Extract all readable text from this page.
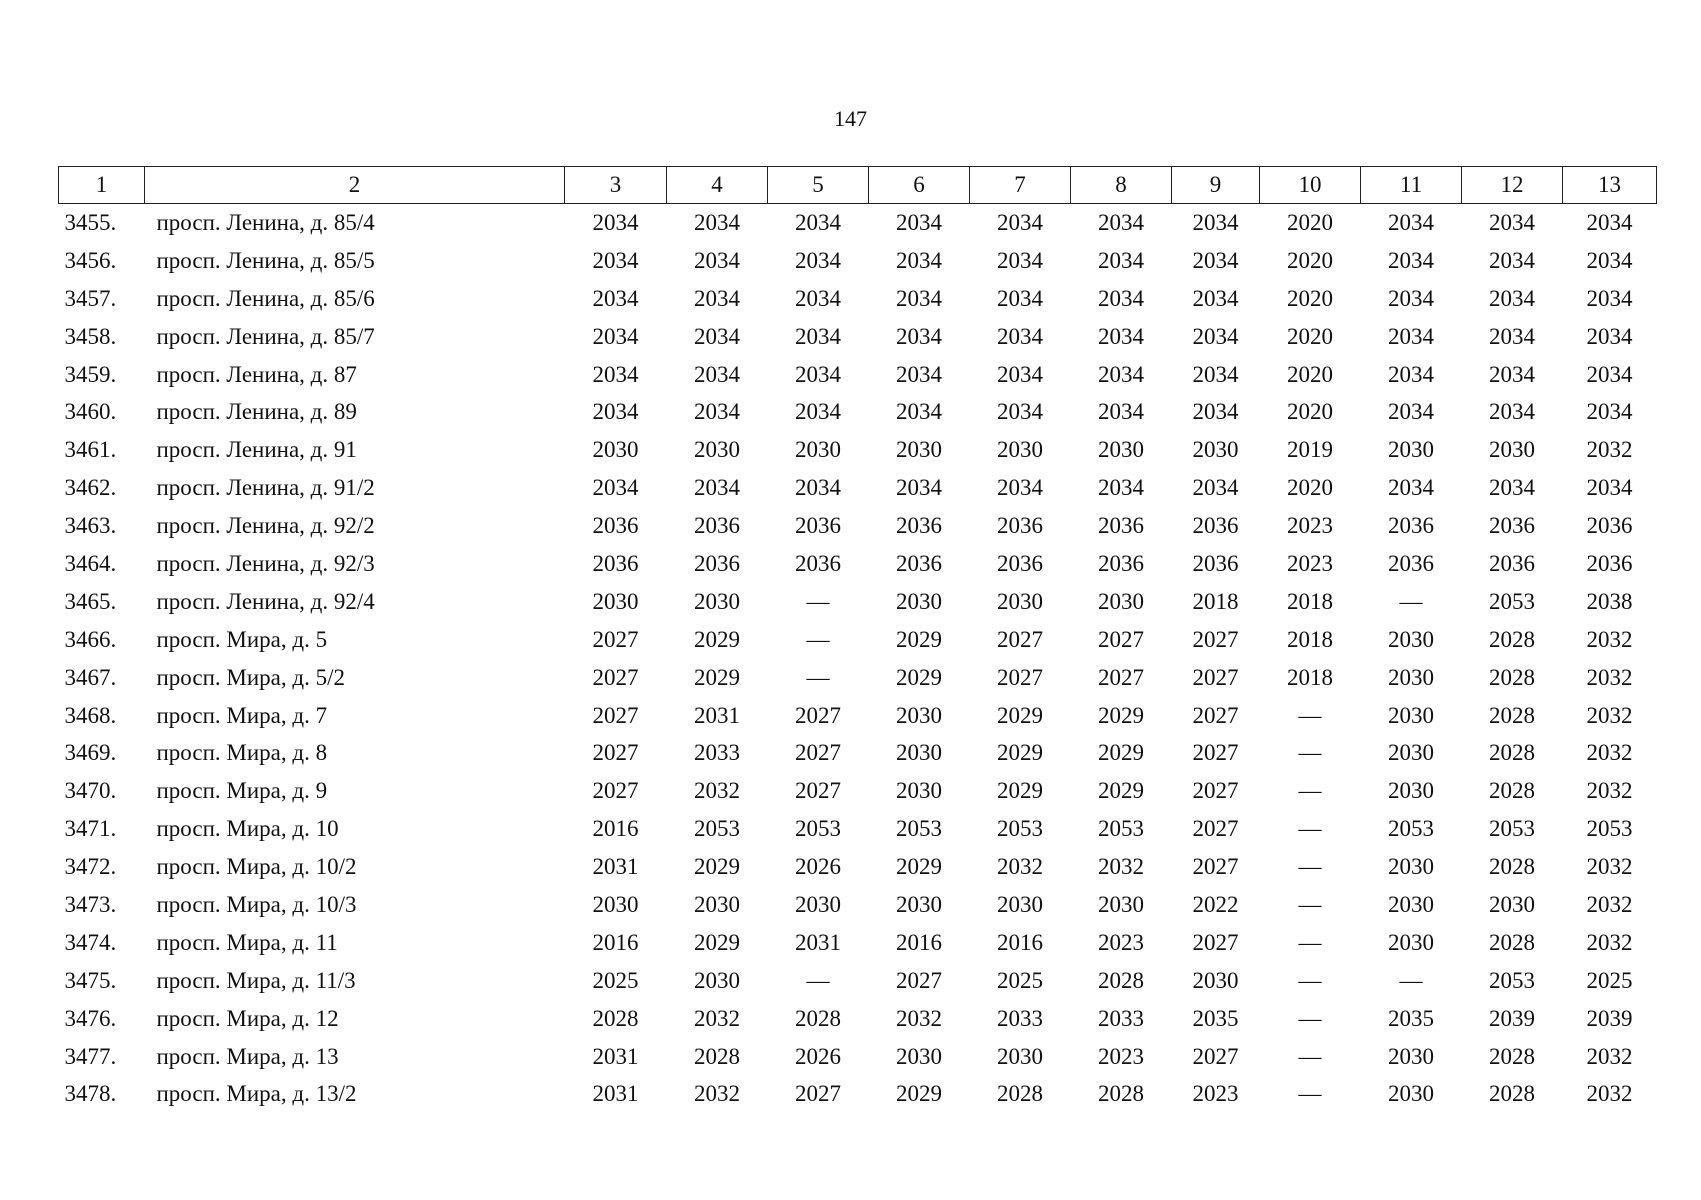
147
1	2	3	4	5	6	7	8	9	10	11	12	13
3455.	просп. Ленина, д. 85/4	2034	2034	2034	2034	2034	2034	2034	2020	2034	2034	2034
3456.	просп. Ленина, д. 85/5	2034	2034	2034	2034	2034	2034	2034	2020	2034	2034	2034
3457.	просп. Ленина, д. 85/6	2034	2034	2034	2034	2034	2034	2034	2020	2034	2034	2034
3458.	просп. Ленина, д. 85/7	2034	2034	2034	2034	2034	2034	2034	2020	2034	2034	2034
3459.	просп. Ленина, д. 87	2034	2034	2034	2034	2034	2034	2034	2020	2034	2034	2034
3460.	просп. Ленина, д. 89	2034	2034	2034	2034	2034	2034	2034	2020	2034	2034	2034
3461.	просп. Ленина, д. 91	2030	2030	2030	2030	2030	2030	2030	2019	2030	2030	2032
3462.	просп. Ленина, д. 91/2	2034	2034	2034	2034	2034	2034	2034	2020	2034	2034	2034
3463.	просп. Ленина, д. 92/2	2036	2036	2036	2036	2036	2036	2036	2023	2036	2036	2036
3464.	просп. Ленина, д. 92/3	2036	2036	2036	2036	2036	2036	2036	2023	2036	2036	2036
3465.	просп. Ленина, д. 92/4	2030	2030	—	2030	2030	2030	2018	2018	—	2053	2038
3466.	просп. Мира, д. 5	2027	2029	—	2029	2027	2027	2027	2018	2030	2028	2032
3467.	просп. Мира, д. 5/2	2027	2029	—	2029	2027	2027	2027	2018	2030	2028	2032
3468.	просп. Мира, д. 7	2027	2031	2027	2030	2029	2029	2027	—	2030	2028	2032
3469.	просп. Мира, д. 8	2027	2033	2027	2030	2029	2029	2027	—	2030	2028	2032
3470.	просп. Мира, д. 9	2027	2032	2027	2030	2029	2029	2027	—	2030	2028	2032
3471.	просп. Мира, д. 10	2016	2053	2053	2053	2053	2053	2027	—	2053	2053	2053
3472.	просп. Мира, д. 10/2	2031	2029	2026	2029	2032	2032	2027	—	2030	2028	2032
3473.	просп. Мира, д. 10/3	2030	2030	2030	2030	2030	2030	2022	—	2030	2030	2032
3474.	просп. Мира, д. 11	2016	2029	2031	2016	2016	2023	2027	—	2030	2028	2032
3475.	просп. Мира, д. 11/3	2025	2030	—	2027	2025	2028	2030	—	—	2053	2025
3476.	просп. Мира, д. 12	2028	2032	2028	2032	2033	2033	2035	—	2035	2039	2039
3477.	просп. Мира, д. 13	2031	2028	2026	2030	2030	2023	2027	—	2030	2028	2032
3478.	просп. Мира, д. 13/2	2031	2032	2027	2029	2028	2028	2023	—	2030	2028	2032
